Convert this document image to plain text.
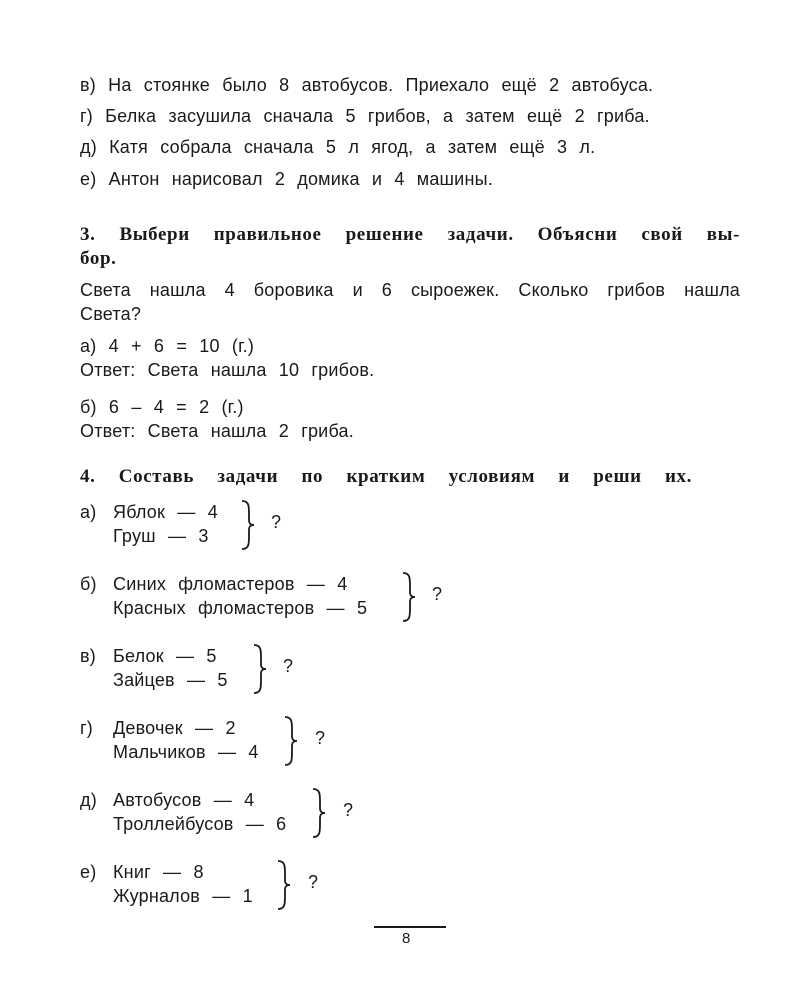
в) На стоянке было 8 автобусов. Приехало ещё 2 автобуса.
г) Белка засушила сначала 5 грибов, а затем ещё 2 гриба.
д) Катя собрала сначала 5 л ягод, а затем ещё 3 л.
е) Антон нарисовал 2 домика и 4 машины.
3. Выбери правильное решение задачи. Объясни свой вы-
бор.
Света нашла 4 боровика и 6 сыроежек. Сколько грибов нашла
Света?
а) 4 + 6 = 10 (г.)
Ответ: Света нашла 10 грибов.
б) 6 – 4 = 2 (г.)
Ответ: Света нашла 2 гриба.
4. Составь задачи по кратким условиям и реши их.
а) Яблок — 4
Груш — 3
?
б) Синих фломастеров — 4
Красных фломастеров — 5
?
в) Белок — 5
Зайцев — 5
?
г) Девочек — 2
Мальчиков — 4
?
д) Автобусов — 4
Троллейбусов — 6
?
е) Книг — 8
Журналов — 1
?
8
